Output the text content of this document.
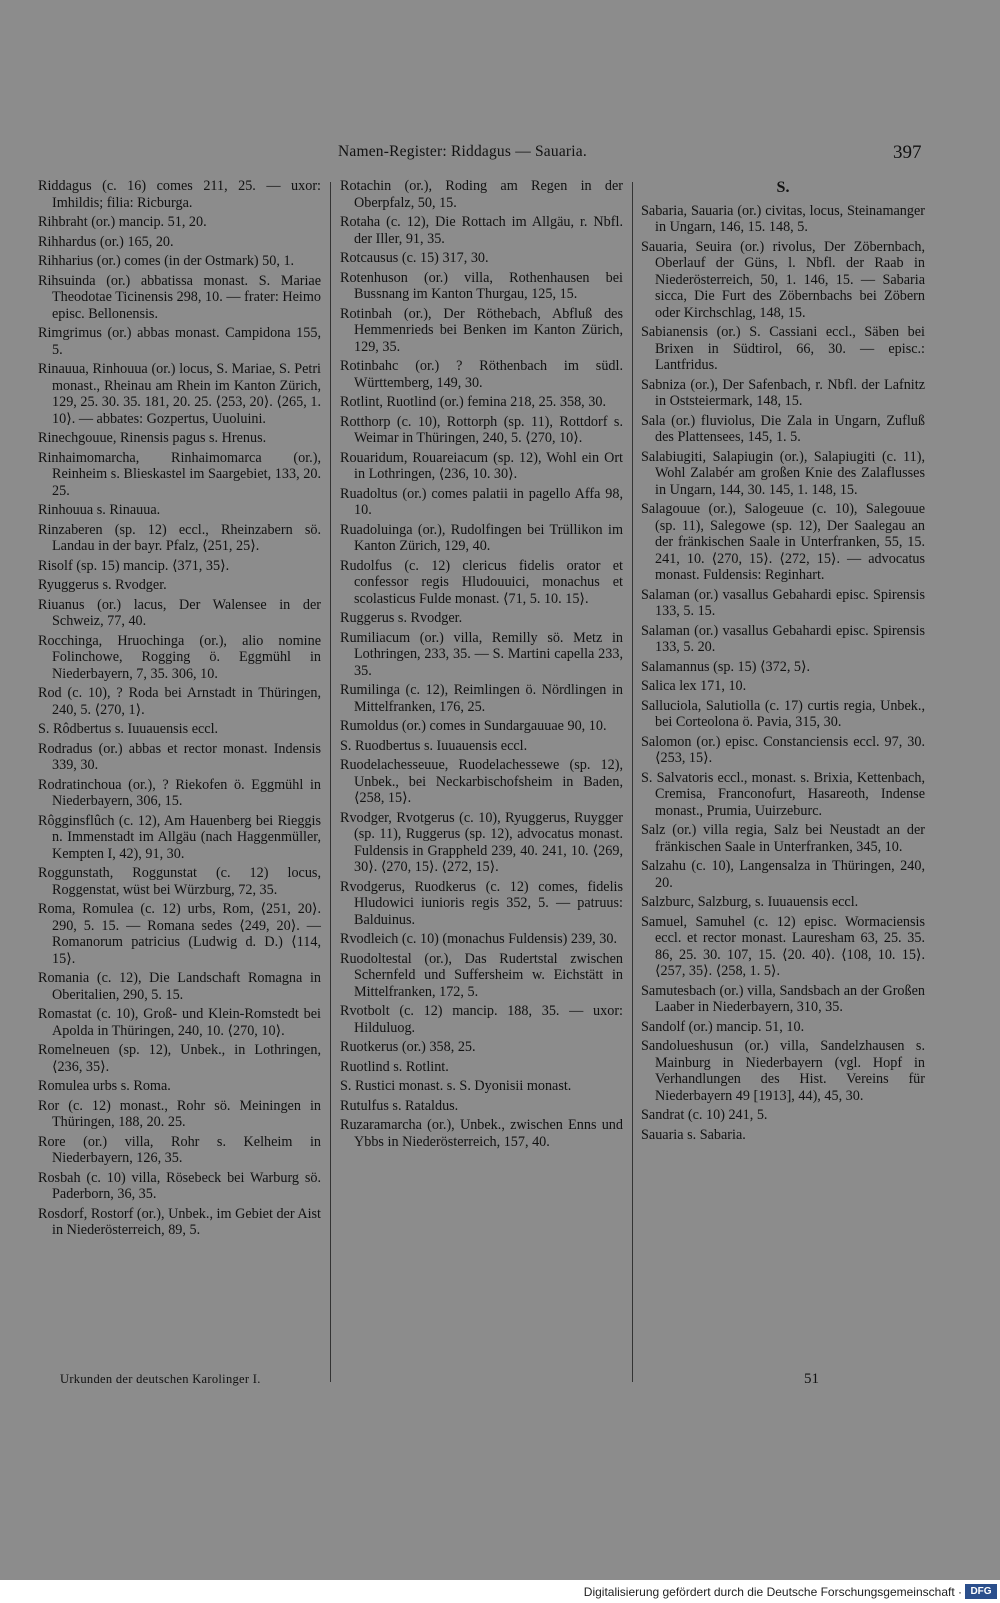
Namen-Register: Riddagus — Sauaria.	397
Riddagus (c. 16) comes 211, 25. — uxor: Imhildis; filia: Ricburga.
Rihbraht (or.) mancip. 51, 20.
Rihhardus (or.) 165, 20.
Rihharius (or.) comes (in der Ostmark) 50, 1.
Rihsuinda (or.) abbatissa monast. S. Mariae Theodotae Ticinensis 298, 10. — frater: Heimo episc. Bellonensis.
Rimgrimus (or.) abbas monast. Campidona 155, 5.
Rinauua, Rinhouua (or.) locus, S. Mariae, S. Petri monast., Rheinau am Rhein im Kanton Zürich, 129, 25. 30. 35. 181, 20. 25. ⟨253, 20⟩. ⟨265, 1. 10⟩. — abbates: Gozpertus, Uuoluini.
Rinechgouue, Rinensis pagus s. Hrenus.
Rinhaimomarcha, Rinhaimomarca (or.), Reinheim s. Blieskastel im Saargebiet, 133, 20. 25.
Rinhouua s. Rinauua.
Rinzaberen (sp. 12) eccl., Rheinzabern sö. Landau in der bayr. Pfalz, ⟨251, 25⟩.
Risolf (sp. 15) mancip. ⟨371, 35⟩.
Ryuggerus s. Rvodger.
Riuanus (or.) lacus, Der Walensee in der Schweiz, 77, 40.
Rocchinga, Hruochinga (or.), alio nomine Folinchowe, Rogging ö. Eggmühl in Niederbayern, 7, 35. 306, 10.
Rod (c. 10), ? Roda bei Arnstadt in Thüringen, 240, 5. ⟨270, 1⟩.
S. Rôdbertus s. Iuuauensis eccl.
Rodradus (or.) abbas et rector monast. Indensis 339, 30.
Rodratinchoua (or.), ? Riekofen ö. Eggmühl in Niederbayern, 306, 15.
Rôgginsflûch (c. 12), Am Hauenberg bei Rieggis n. Immenstadt im Allgäu (nach Haggenmüller, Kempten I, 42), 91, 30.
Roggunstath, Roggunstat (c. 12) locus, Roggenstat, wüst bei Würzburg, 72, 35.
Roma, Romulea (c. 12) urbs, Rom, ⟨251, 20⟩. 290, 5. 15. — Romana sedes ⟨249, 20⟩. — Romanorum patricius (Ludwig d. D.) ⟨114, 15⟩.
Romania (c. 12), Die Landschaft Romagna in Oberitalien, 290, 5. 15.
Romastat (c. 10), Groß- und Klein-Romstedt bei Apolda in Thüringen, 240, 10. ⟨270, 10⟩.
Romelneuen (sp. 12), Unbek., in Lothringen, ⟨236, 35⟩.
Romulea urbs s. Roma.
Ror (c. 12) monast., Rohr sö. Meiningen in Thüringen, 188, 20. 25.
Rore (or.) villa, Rohr s. Kelheim in Niederbayern, 126, 35.
Rosbah (c. 10) villa, Rösebeck bei Warburg sö. Paderborn, 36, 35.
Rosdorf, Rostorf (or.), Unbek., im Gebiet der Aist in Niederösterreich, 89, 5.
Rotachin (or.), Roding am Regen in der Oberpfalz, 50, 15.
Rotaha (c. 12), Die Rottach im Allgäu, r. Nbfl. der Iller, 91, 35.
Rotcausus (c. 15) 317, 30.
Rotenhuson (or.) villa, Rothenhausen bei Bussnang im Kanton Thurgau, 125, 15.
Rotinbah (or.), Der Röthebach, Abfluß des Hemmenrieds bei Benken im Kanton Zürich, 129, 35.
Rotinbahc (or.) ? Röthenbach im südl. Württemberg, 149, 30.
Rotlint, Ruotlind (or.) femina 218, 25. 358, 30.
Rotthorp (c. 10), Rottorph (sp. 11), Rottdorf s. Weimar in Thüringen, 240, 5. ⟨270, 10⟩.
Rouaridum, Rouareiacum (sp. 12), Wohl ein Ort in Lothringen, ⟨236, 10. 30⟩.
Ruadoltus (or.) comes palatii in pagello Affa 98, 10.
Ruadoluinga (or.), Rudolfingen bei Trüllikon im Kanton Zürich, 129, 40.
Rudolfus (c. 12) clericus fidelis orator et confessor regis Hludouuici, monachus et scolasticus Fulde monast. ⟨71, 5. 10. 15⟩.
Ruggerus s. Rvodger.
Rumiliacum (or.) villa, Remilly sö. Metz in Lothringen, 233, 35. — S. Martini capella 233, 35.
Rumilinga (c. 12), Reimlingen ö. Nördlingen in Mittelfranken, 176, 25.
Rumoldus (or.) comes in Sundargauuae 90, 10.
S. Ruodbertus s. Iuuauensis eccl.
Ruodelachesseuue, Ruodelachessewe (sp. 12), Unbek., bei Neckarbischofsheim in Baden, ⟨258, 15⟩.
Rvodger, Rvotgerus (c. 10), Ryuggerus, Ruygger (sp. 11), Ruggerus (sp. 12), advocatus monast. Fuldensis in Grappheld 239, 40. 241, 10. ⟨269, 30⟩. ⟨270, 15⟩. ⟨272, 15⟩.
Rvodgerus, Ruodkerus (c. 12) comes, fidelis Hludowici iunioris regis 352, 5. — patruus: Balduinus.
Rvodleich (c. 10) (monachus Fuldensis) 239, 30.
Ruodoltestal (or.), Das Rudertstal zwischen Schernfeld und Suffersheim w. Eichstätt in Mittelfranken, 172, 5.
Rvotbolt (c. 12) mancip. 188, 35. — uxor: Hilduluog.
Ruotkerus (or.) 358, 25.
Ruotlind s. Rotlint.
S. Rustici monast. s. S. Dyonisii monast.
Rutulfus s. Rataldus.
Ruzaramarcha (or.), Unbek., zwischen Enns und Ybbs in Niederösterreich, 157, 40.
S.
Sabaria, Sauaria (or.) civitas, locus, Steinamanger in Ungarn, 146, 15. 148, 5.
Sauaria, Seuira (or.) rivolus, Der Zöbernbach, Oberlauf der Güns, l. Nbfl. der Raab in Niederösterreich, 50, 1. 146, 15. — Sabaria sicca, Die Furt des Zöbernbachs bei Zöbern oder Kirchschlag, 148, 15.
Sabianensis (or.) S. Cassiani eccl., Säben bei Brixen in Südtirol, 66, 30. — episc.: Lantfridus.
Sabniza (or.), Der Safenbach, r. Nbfl. der Lafnitz in Oststeiermark, 148, 15.
Sala (or.) fluviolus, Die Zala in Ungarn, Zufluß des Plattensees, 145, 1. 5.
Salabiugiti, Salapiugin (or.), Salapiugiti (c. 11), Wohl Zalabér am großen Knie des Zalaflusses in Ungarn, 144, 30. 145, 1. 148, 15.
Salagouue (or.), Salogeuue (c. 10), Salegouue (sp. 11), Salegowe (sp. 12), Der Saalegau an der fränkischen Saale in Unterfranken, 55, 15. 241, 10. ⟨270, 15⟩. ⟨272, 15⟩. — advocatus monast. Fuldensis: Reginhart.
Salaman (or.) vasallus Gebahardi episc. Spirensis 133, 5. 15.
Salaman (or.) vasallus Gebahardi episc. Spirensis 133, 5. 20.
Salamannus (sp. 15) ⟨372, 5⟩.
Salica lex 171, 10.
Salluciola, Salutiolla (c. 17) curtis regia, Unbek., bei Corteolona ö. Pavia, 315, 30.
Salomon (or.) episc. Constanciensis eccl. 97, 30. ⟨253, 15⟩.
S. Salvatoris eccl., monast. s. Brixia, Kettenbach, Cremisa, Franconofurt, Hasareoth, Indense monast., Prumia, Uuirzeburc.
Salz (or.) villa regia, Salz bei Neustadt an der fränkischen Saale in Unterfranken, 345, 10.
Salzahu (c. 10), Langensalza in Thüringen, 240, 20.
Salzburc, Salzburg, s. Iuuauensis eccl.
Samuel, Samuhel (c. 12) episc. Wormaciensis eccl. et rector monast. Lauresham 63, 25. 35. 86, 25. 30. 107, 15. ⟨20. 40⟩. ⟨108, 10. 15⟩. ⟨257, 35⟩. ⟨258, 1. 5⟩.
Samutesbach (or.) villa, Sandsbach an der Großen Laaber in Niederbayern, 310, 35.
Sandolf (or.) mancip. 51, 10.
Sandolueshusun (or.) villa, Sandelzhausen s. Mainburg in Niederbayern (vgl. Hopf in Verhandlungen des Hist. Vereins für Niederbayern 49 [1913], 44), 45, 30.
Sandrat (c. 10) 241, 5.
Sauaria s. Sabaria.
Urkunden der deutschen Karolinger I.	51
Digitalisierung gefördert durch die Deutsche Forschungsgemeinschaft · DFG
